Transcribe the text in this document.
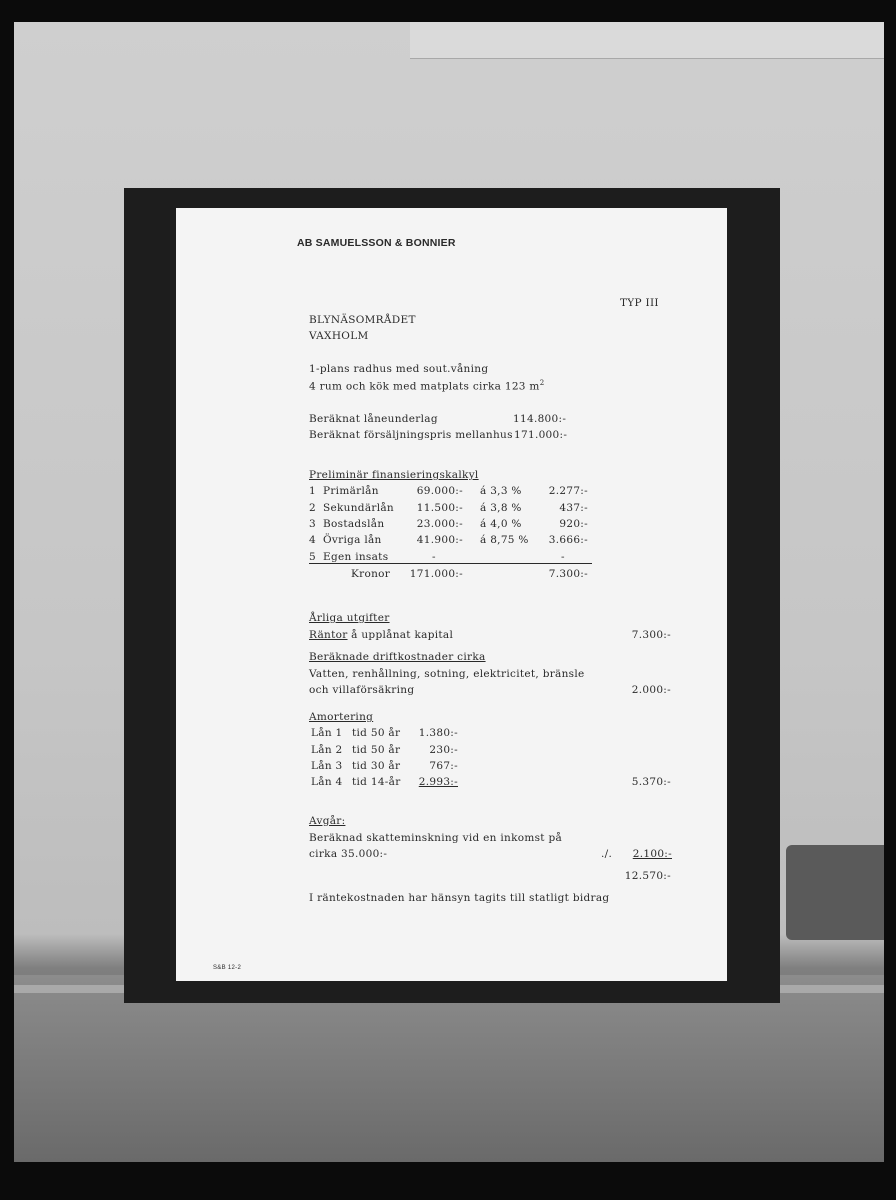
AB SAMUELSSON & BONNIER
TYP III
BLYNÄSOMRÅDET
VAXHOLM
1-plans radhus med sout.våning
4 rum och kök med matplats cirka 123 $m^2$
Beräknat låneunderlag	114.800:-
Beräknat försäljningspris mellanhus 171.000:-
Preliminär finansieringskalkyl
1 Primärlån	69.000:- á 3,3 %	2.277:-
2 Sekundärlån	11.500:- á 3,8 %	437:-
3 Bostadslån	23.000:- á 4,0 %	920:-
4 Övriga lån	41.900:- á 8,75 %	3.666:-
5 Egen insats	-	-
Kronor	171.000:-	7.300:-
Årliga utgifter
Räntor å upplånat kapital	7.300:-
Beräknade driftkostnader cirka
Vatten, renhållning, sotning, elektricitet, bränsle
och villaförsäkring	2.000:-
Amortering
Lån 1 tid 50 år	1.380:-
Lån 2 tid 50 år	230:-
Lån 3 tid 30 år	767:-
Lån 4 tid 14-år	2.993:-	5.370:-
Avgår:
Beräknad skatteminskning vid en inkomst på
cirka 35.000:-	./.	2.100:-
12.570:-
I räntekostnaden har hänsyn tagits till statligt bidrag
S&B 12-2
